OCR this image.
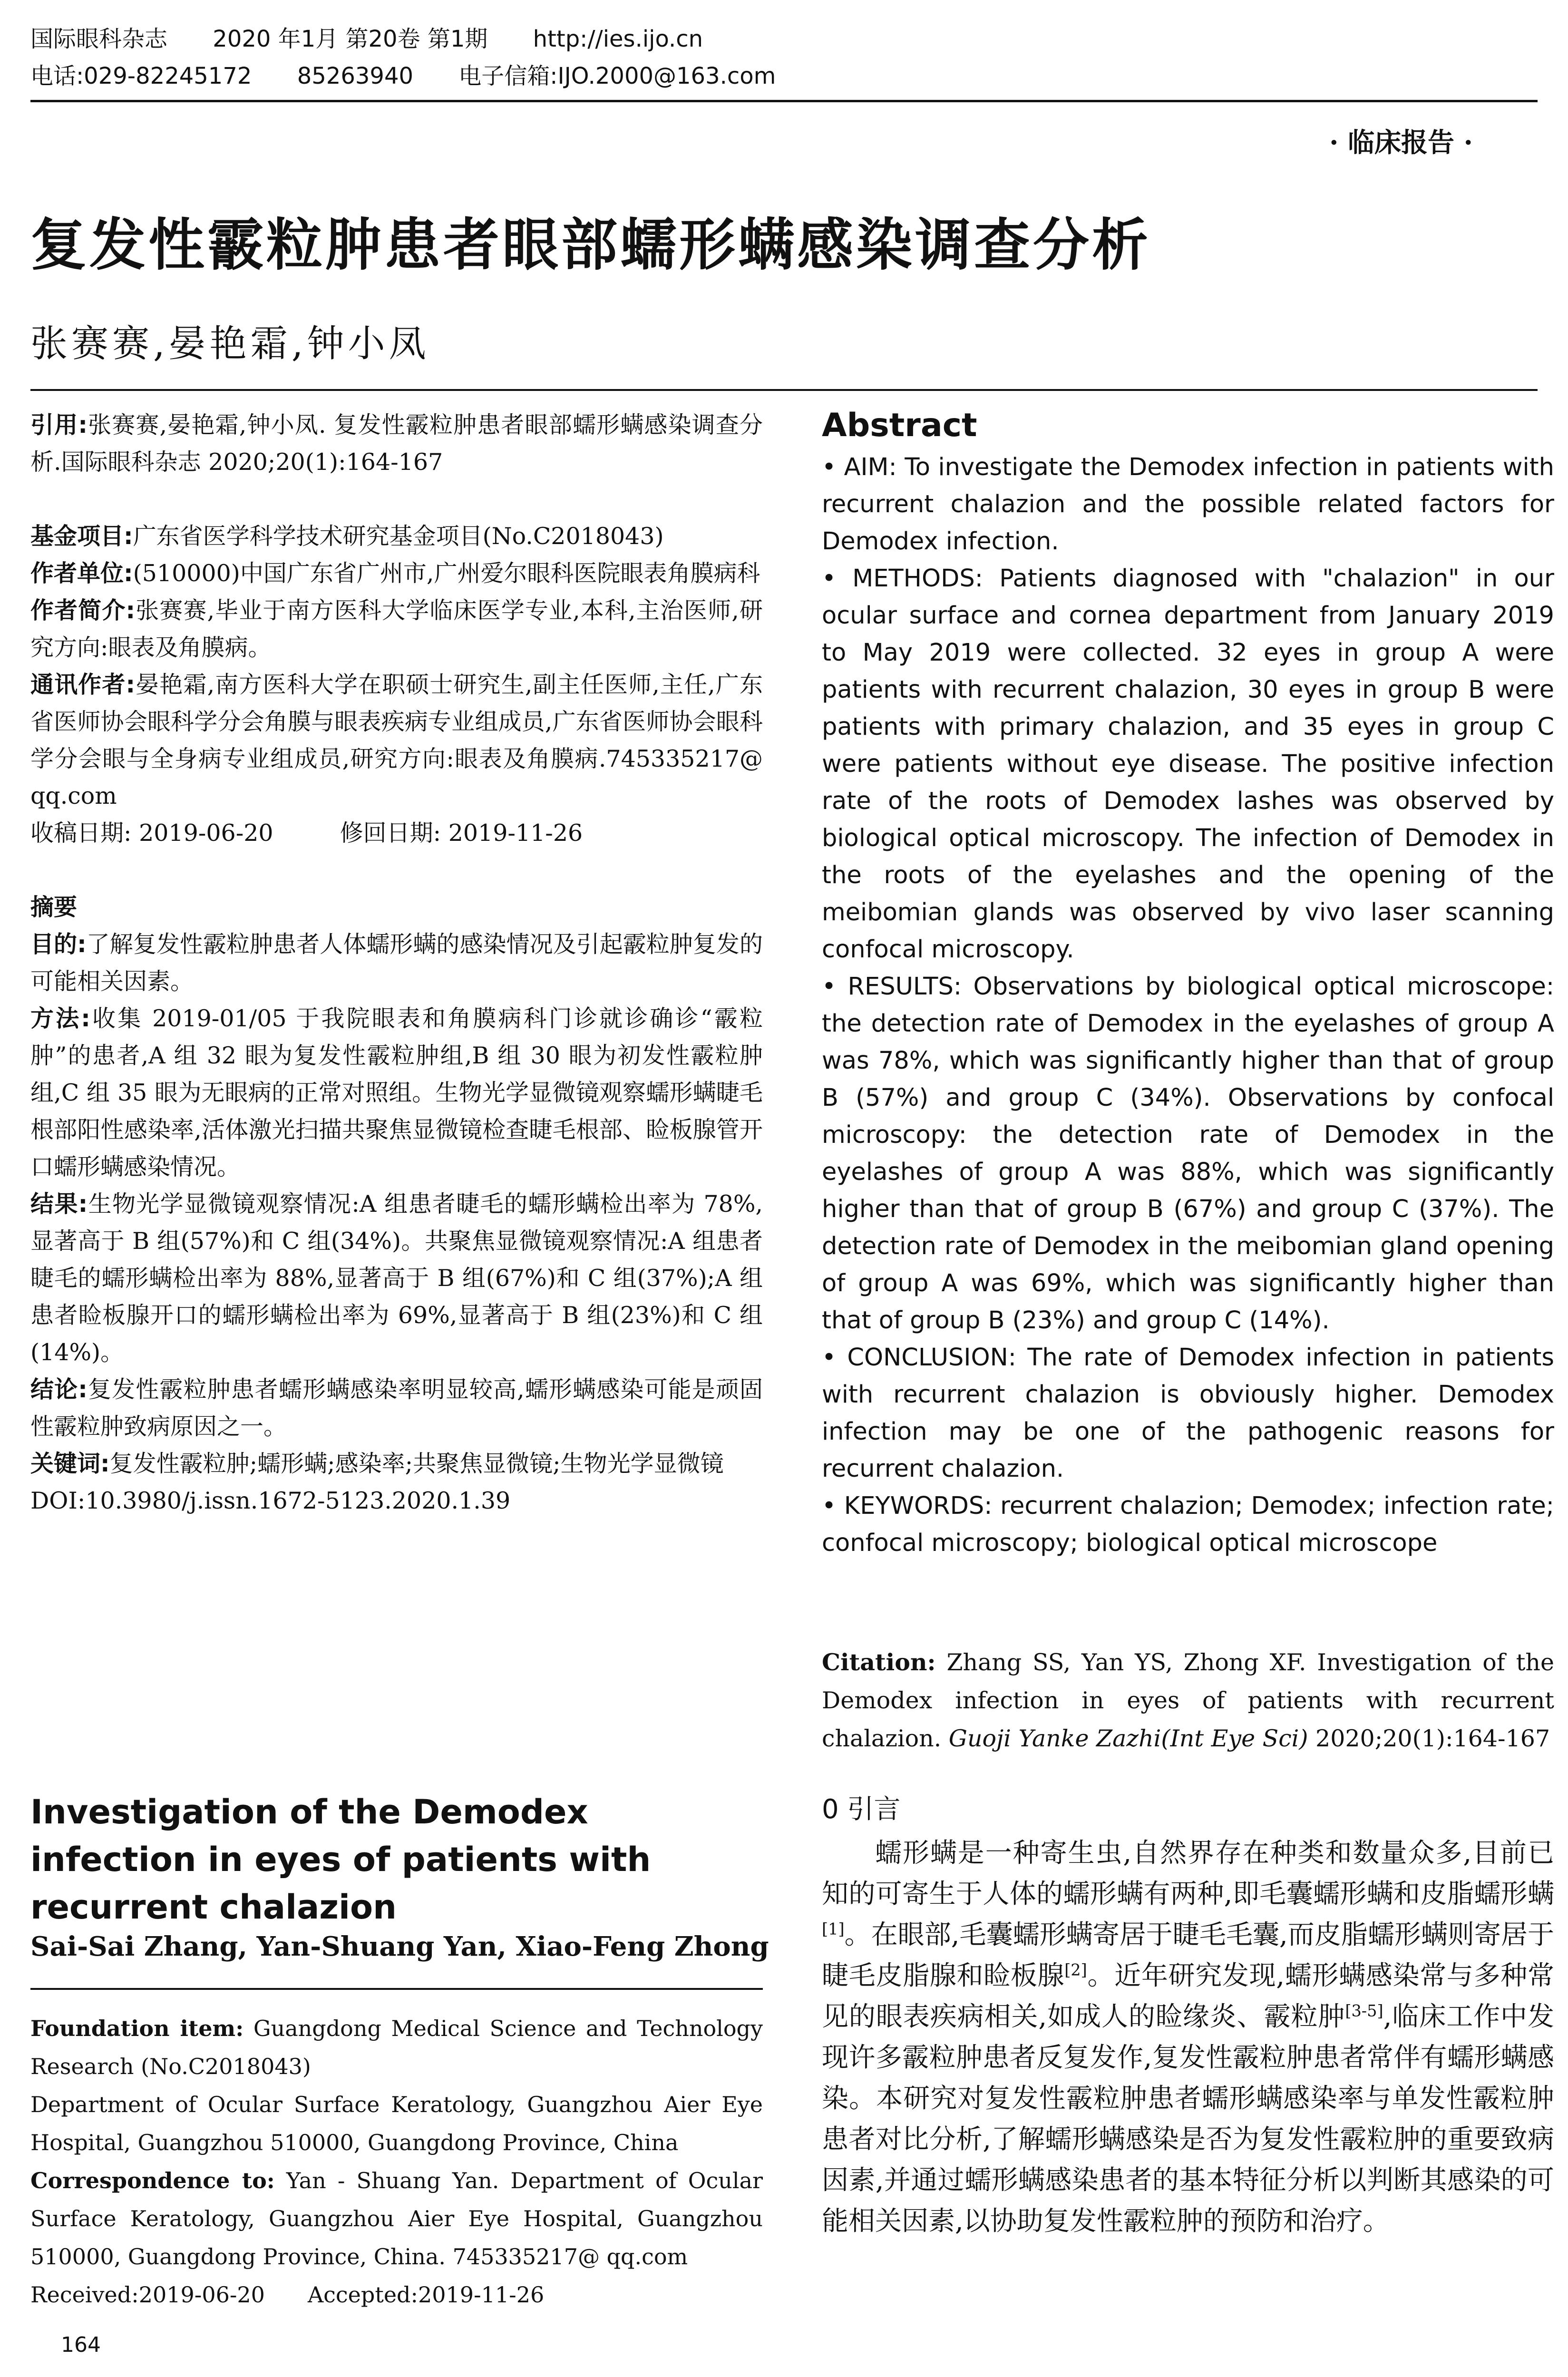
国际眼科杂志 2020 年1月 第20卷 第1期 http://ies.ijo.cn
电话:029-82245172 85263940 电子信箱:IJO.2000@163.com
· 临床报告 ·
复发性霰粒肿患者眼部蠕形螨感染调查分析
张赛赛,晏艳霜,钟小凤

引用:张赛赛,晏艳霜,钟小凤. 复发性霰粒肿患者眼部蠕形螨感染调查分析.国际眼科杂志 2020;20(1):164-167

基金项目:广东省医学科学技术研究基金项目(No.C2018043)

作者单位:(510000)中国广东省广州市,广州爱尔眼科医院眼表角膜病科

作者简介:张赛赛,毕业于南方医科大学临床医学专业,本科,主治医师,研究方向:眼表及角膜病。

通讯作者:晏艳霜,南方医科大学在职硕士研究生,副主任医师,主任,广东省医师协会眼科学分会角膜与眼表疾病专业组成员,广东省医师协会眼科学分会眼与全身病专业组成员,研究方向:眼表及角膜病.745335217@ qq.com

收稿日期: 2019-06-20	修回日期: 2019-11-26

摘要

目的:了解复发性霰粒肿患者人体蠕形螨的感染情况及引起霰粒肿复发的可能相关因素。

方法:收集 2019-01/05 于我院眼表和角膜病科门诊就诊确诊“霰粒肿”的患者,A 组 32 眼为复发性霰粒肿组,B 组 30 眼为初发性霰粒肿组,C 组 35 眼为无眼病的正常对照组。生物光学显微镜观察蠕形螨睫毛根部阳性感染率,活体激光扫描共聚焦显微镜检查睫毛根部、睑板腺管开口蠕形螨感染情况。

结果:生物光学显微镜观察情况:A 组患者睫毛的蠕形螨检出率为 78%,显著高于 B 组(57%)和 C 组(34%)。共聚焦显微镜观察情况:A 组患者睫毛的蠕形螨检出率为 88%,显著高于 B 组(67%)和 C 组(37%);A 组患者睑板腺开口的蠕形螨检出率为 69%,显著高于 B 组(23%)和 C 组(14%)。

结论:复发性霰粒肿患者蠕形螨感染率明显较高,蠕形螨感染可能是顽固性霰粒肿致病原因之一。

关键词:复发性霰粒肿;蠕形螨;感染率;共聚焦显微镜;生物光学显微镜

DOI:10.3980/j.issn.1672-5123.2020.1.39

Investigation of the Demodex infection in eyes of patients with recurrent chalazion
Sai-Sai Zhang, Yan-Shuang Yan, Xiao-Feng Zhong

Foundation item: Guangdong Medical Science and Technology Research (No.C2018043)

Department of Ocular Surface Keratology, Guangzhou Aier Eye Hospital, Guangzhou 510000, Guangdong Province, China

Correspondence to: Yan - Shuang Yan. Department of Ocular Surface Keratology, Guangzhou Aier Eye Hospital, Guangzhou 510000, Guangdong Province, China. 745335217@ qq.com

Received:2019-06-20 Accepted:2019-11-26

Abstract

• AIM: To investigate the Demodex infection in patients with recurrent chalazion and the possible related factors for Demodex infection.

• METHODS: Patients diagnosed with "chalazion" in our ocular surface and cornea department from January 2019 to May 2019 were collected. 32 eyes in group A were patients with recurrent chalazion, 30 eyes in group B were patients with primary chalazion, and 35 eyes in group C were patients without eye disease. The positive infection rate of the roots of Demodex lashes was observed by biological optical microscopy. The infection of Demodex in the roots of the eyelashes and the opening of the meibomian glands was observed by vivo laser scanning confocal microscopy.

• RESULTS: Observations by biological optical microscope: the detection rate of Demodex in the eyelashes of group A was 78%, which was significantly higher than that of group B (57%) and group C (34%). Observations by confocal microscopy: the detection rate of Demodex in the eyelashes of group A was 88%, which was significantly higher than that of group B (67%) and group C (37%). The detection rate of Demodex in the meibomian gland opening of group A was 69%, which was significantly higher than that of group B (23%) and group C (14%).

• CONCLUSION: The rate of Demodex infection in patients with recurrent chalazion is obviously higher. Demodex infection may be one of the pathogenic reasons for recurrent chalazion.

• KEYWORDS: recurrent chalazion; Demodex; infection rate; confocal microscopy; biological optical microscope

Citation: Zhang SS, Yan YS, Zhong XF. Investigation of the Demodex infection in eyes of patients with recurrent chalazion. Guoji Yanke Zazhi(Int Eye Sci) 2020;20(1):164-167

0 引言

蠕形螨是一种寄生虫,自然界存在种类和数量众多,目前已知的可寄生于人体的蠕形螨有两种,即毛囊蠕形螨和皮脂蠕形螨[1]。在眼部,毛囊蠕形螨寄居于睫毛毛囊,而皮脂蠕形螨则寄居于睫毛皮脂腺和睑板腺[2]。近年研究发现,蠕形螨感染常与多种常见的眼表疾病相关,如成人的睑缘炎、霰粒肿[3-5],临床工作中发现许多霰粒肿患者反复发作,复发性霰粒肿患者常伴有蠕形螨感染。本研究对复发性霰粒肿患者蠕形螨感染率与单发性霰粒肿患者对比分析,了解蠕形螨感染是否为复发性霰粒肿的重要致病因素,并通过蠕形螨感染患者的基本特征分析以判断其感染的可能相关因素,以协助复发性霰粒肿的预防和治疗。

164
